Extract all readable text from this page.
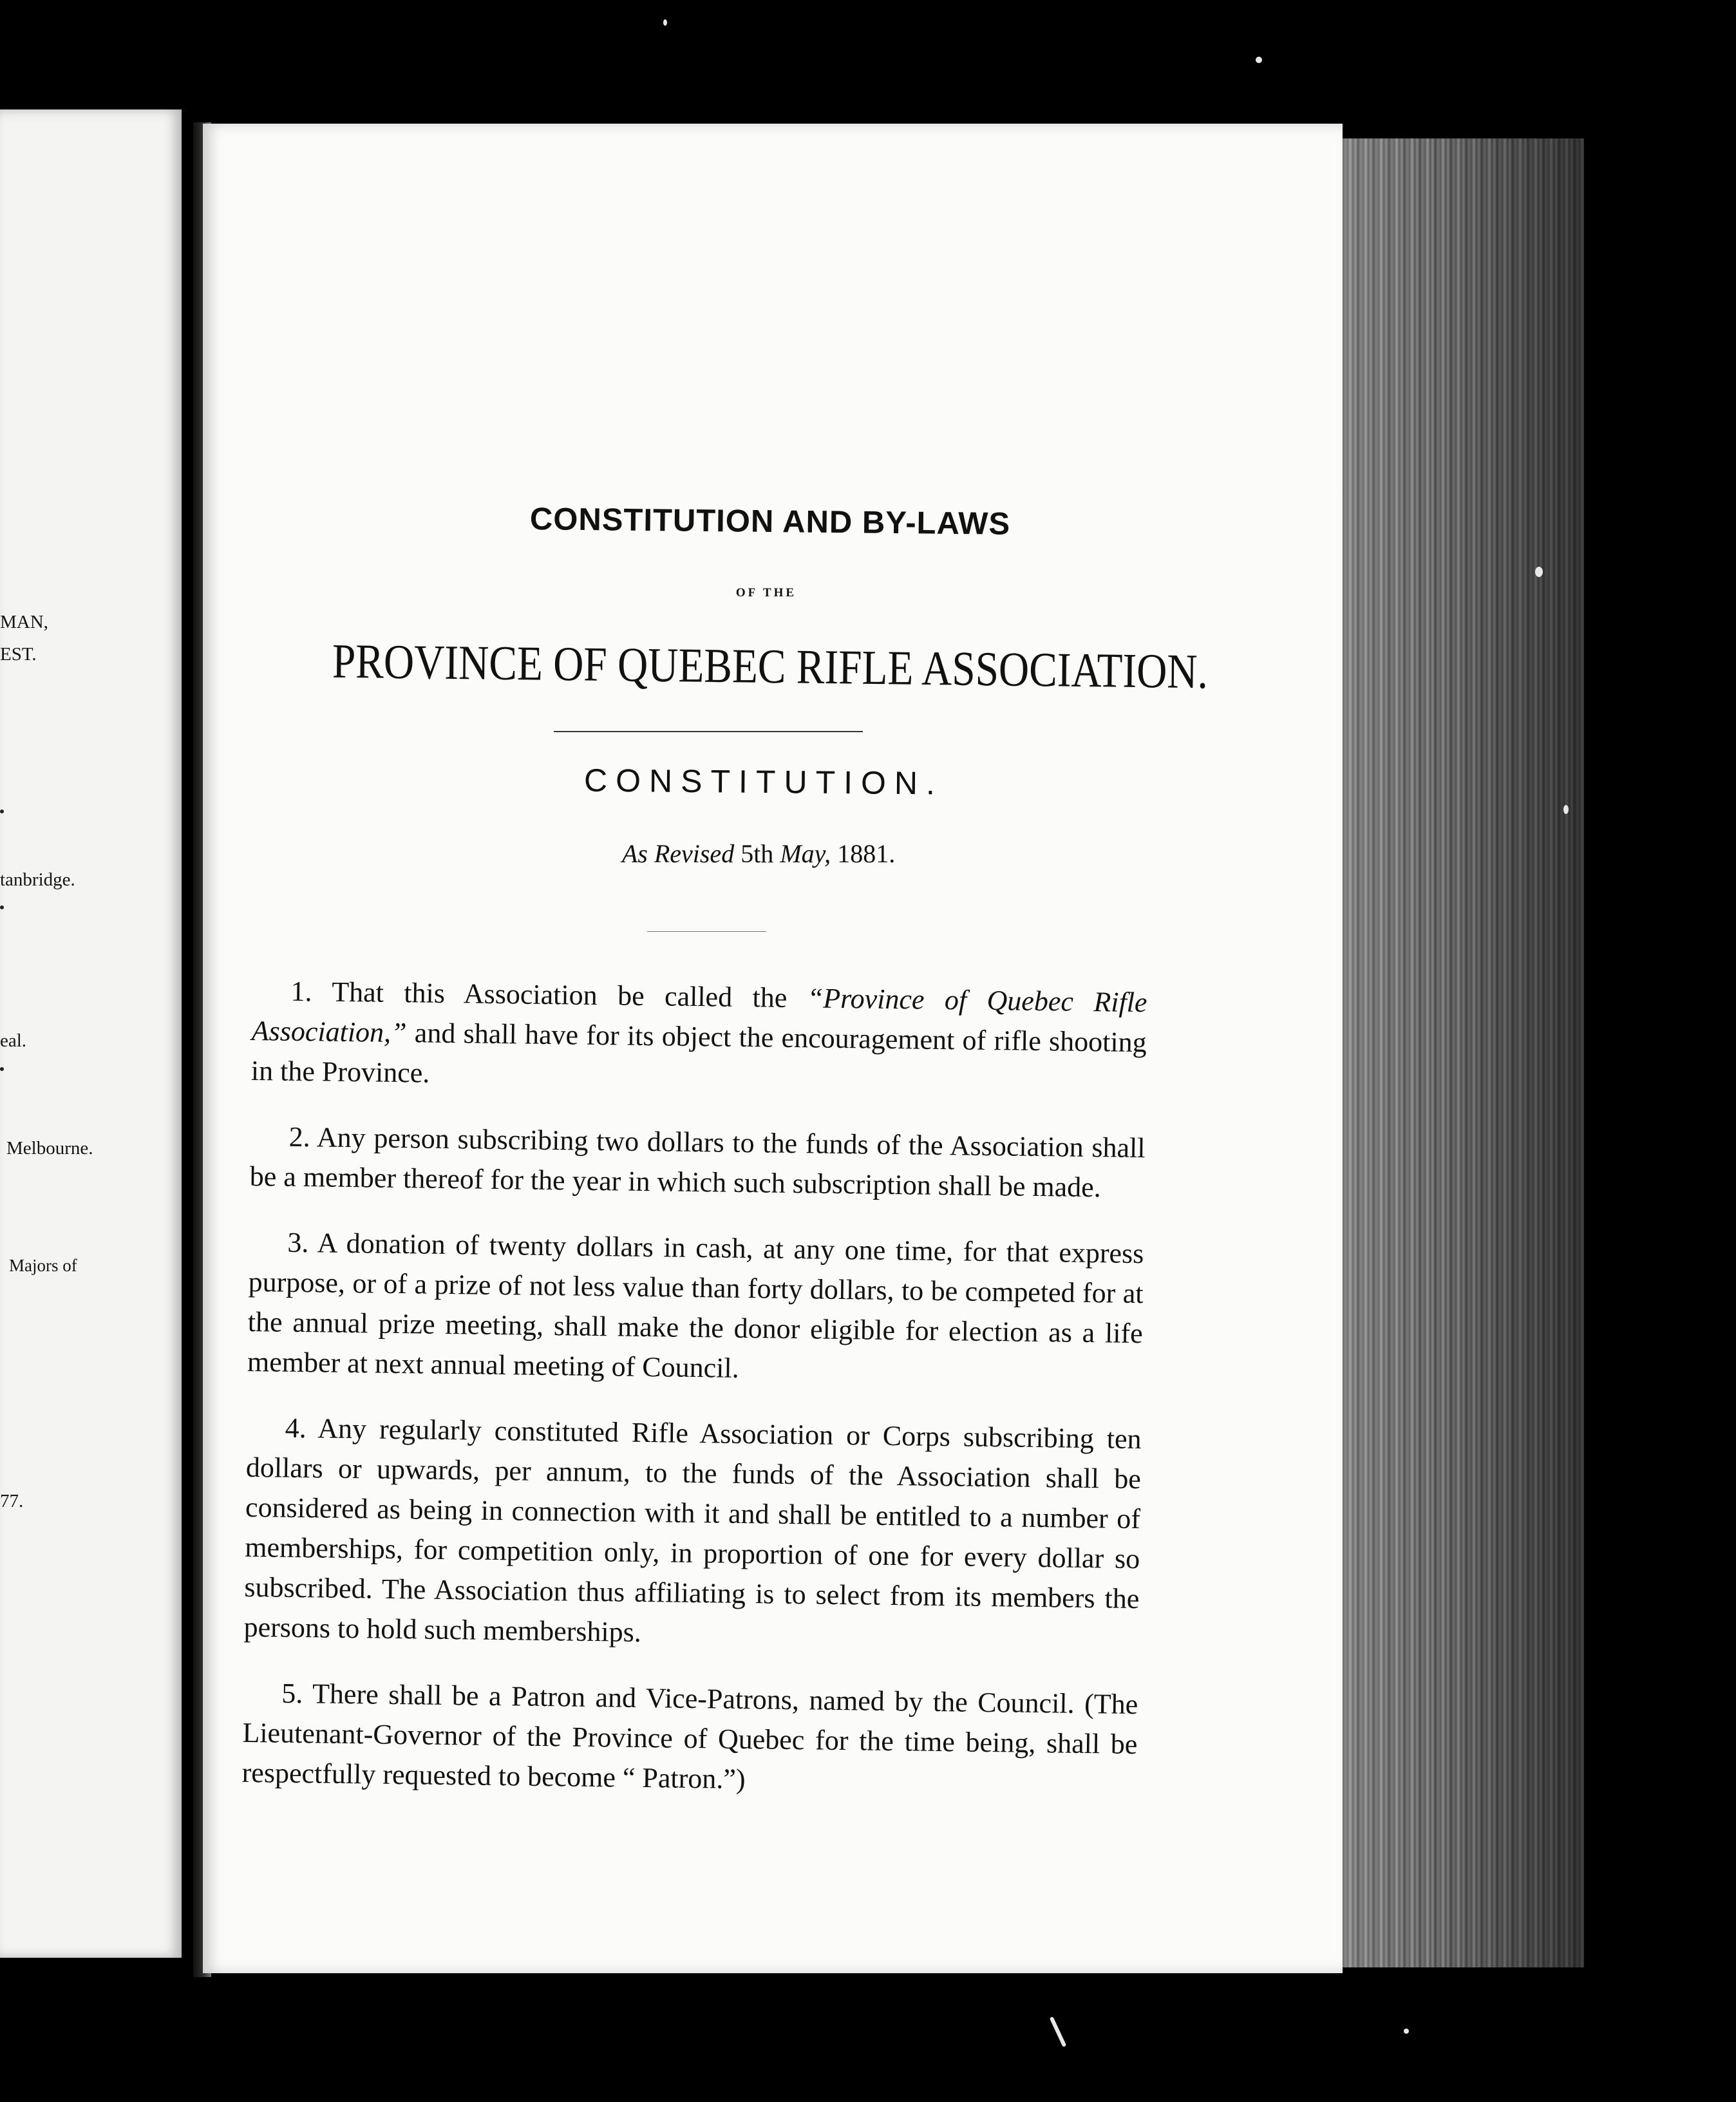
MAN,
EST.
tanbridge.
eal.
Melbourne.
Majors of
77.
CONSTITUTION AND BY-LAWS
OF THE
PROVINCE OF QUEBEC RIFLE ASSOCIATION.
CONSTITUTION.
As Revised 5th May, 1881.

1. That this Association be called the “Province of Quebec Rifle Association,” and shall have for its object the encouragement of rifle shooting in the Province.

2. Any person subscribing two dollars to the funds of the Association shall be a member thereof for the year in which such subscription shall be made.

3. A donation of twenty dollars in cash, at any one time, for that express purpose, or of a prize of not less value than forty dollars, to be competed for at the annual prize meeting, shall make the donor eligible for election as a life member at next annual meeting of Council.

4. Any regularly constituted Rifle Association or Corps subscribing ten dollars or upwards, per annum, to the funds of the Association shall be considered as being in connection with it and shall be entitled to a number of memberships, for competition only, in proportion of one for every dollar so subscribed. The Association thus affiliating is to select from its members the persons to hold such memberships.

5. There shall be a Patron and Vice-Patrons, named by the Council. (The Lieutenant-Governor of the Province of Quebec for the time being, shall be respectfully requested to become “ Patron.”)
